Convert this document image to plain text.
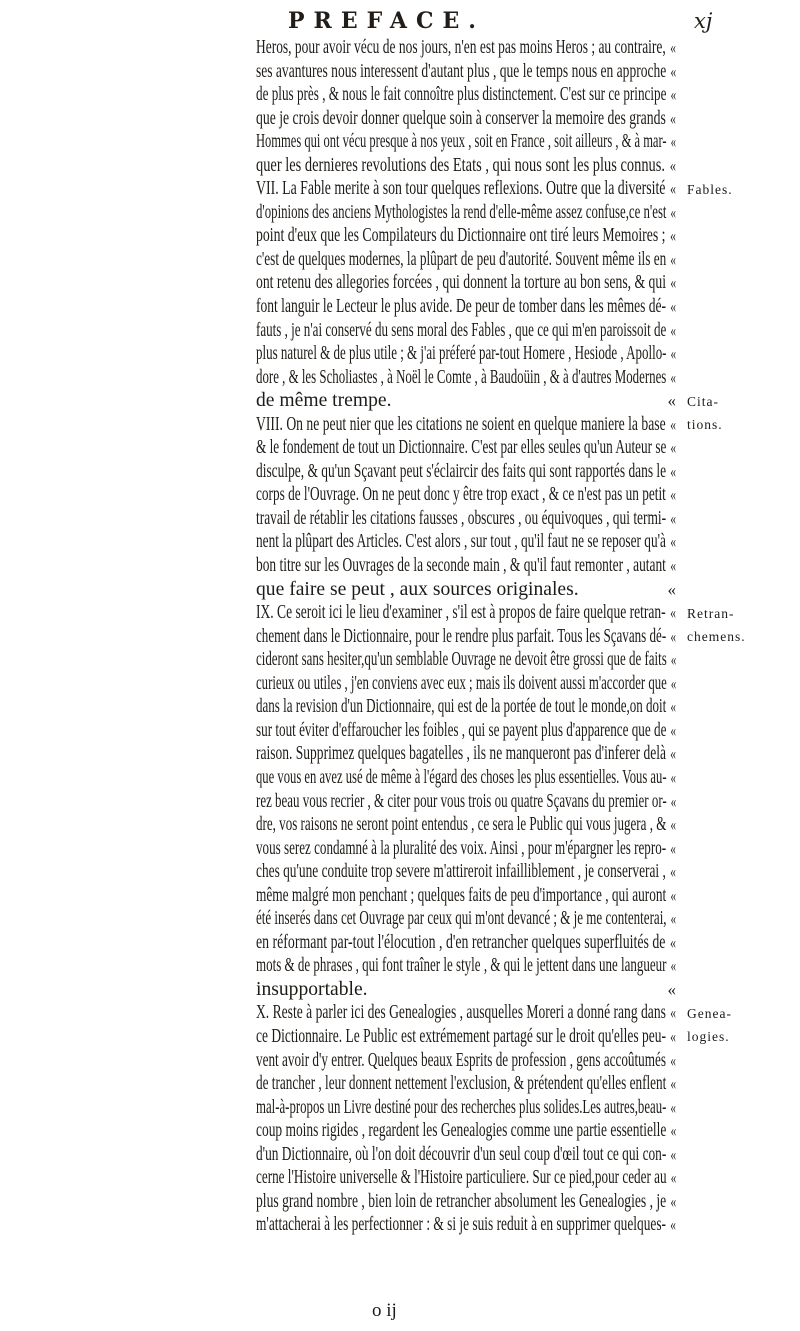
PREFACE.	xj
Heros, pour avoir vécu de nos jours, n'en est pas moins Heros ; au contraire, «
ses avantures nous interessent d'autant plus , que le temps nous en approche «
de plus près , & nous le fait connoître plus distinctement. C'est sur ce principe «
que je crois devoir donner quelque soin à conserver la memoire des grands «
Hommes qui ont vécu presque à nos yeux , soit en France , soit ailleurs , & à mar- «
quer les dernieres revolutions des Etats , qui nous sont les plus connus. «
VII. La Fable merite à son tour quelques reflexions. Outre que la diversité «
d'opinions des anciens Mythologistes la rend d'elle-même assez confuse,ce n'est «
point d'eux que les Compilateurs du Dictionnaire ont tiré leurs Memoires ; «
c'est de quelques modernes, la plûpart de peu d'autorité. Souvent même ils en «
ont retenu des allegories forcées , qui donnent la torture au bon sens, & qui «
font languir le Lecteur le plus avide. De peur de tomber dans les mêmes dé- «
fauts , je n'ai conservé du sens moral des Fables , que ce qui m'en paroissoit de «
plus naturel & de plus utile ; & j'ai préferé par-tout Homere , Hesiode , Apollo- «
dore , & les Scholiastes , à Noël le Comte , à Baudoüin , & à d'autres Modernes «
de même trempe.	«
VIII. On ne peut nier que les citations ne soient en quelque maniere la base «
& le fondement de tout un Dictionnaire. C'est par elles seules qu'un Auteur se «
disculpe, & qu'un Sçavant peut s'éclaircir des faits qui sont rapportés dans le «
corps de l'Ouvrage. On ne peut donc y être trop exact , & ce n'est pas un petit «
travail de rétablir les citations fausses , obscures , ou équivoques , qui termi- «
nent la plûpart des Articles. C'est alors , sur tout , qu'il faut ne se reposer qu'à «
bon titre sur les Ouvrages de la seconde main , & qu'il faut remonter , autant «
que faire se peut , aux sources originales.	«
IX. Ce seroit ici le lieu d'examiner , s'il est à propos de faire quelque retran- «
chement dans le Dictionnaire, pour le rendre plus parfait. Tous les Sçavans dé- «
cideront sans hesiter,qu'un semblable Ouvrage ne devoit être grossi que de faits «
curieux ou utiles , j'en conviens avec eux ; mais ils doivent aussi m'accorder que «
dans la revision d'un Dictionnaire, qui est de la portée de tout le monde,on doit «
sur tout éviter d'effaroucher les foibles , qui se payent plus d'apparence que de «
raison. Supprimez quelques bagatelles , ils ne manqueront pas d'inferer delà «
que vous en avez usé de même à l'égard des choses les plus essentielles. Vous au- «
rez beau vous recrier , & citer pour vous trois ou quatre Sçavans du premier or- «
dre, vos raisons ne seront point entendus , ce sera le Public qui vous jugera , & «
vous serez condamné à la pluralité des voix. Ainsi , pour m'épargner les repro- «
ches qu'une conduite trop severe m'attireroit infailliblement , je conserverai , «
même malgré mon penchant ; quelques faits de peu d'importance , qui auront «
été inserés dans cet Ouvrage par ceux qui m'ont devancé ; & je me contenterai, «
en réformant par-tout l'élocution , d'en retrancher quelques superfluités de «
mots & de phrases , qui font traîner le style , & qui le jettent dans une langueur «
insupportable.	«
X. Reste à parler ici des Genealogies , ausquelles Moreri a donné rang dans «
ce Dictionnaire. Le Public est extrémement partagé sur le droit qu'elles peu- «
vent avoir d'y entrer. Quelques beaux Esprits de profession , gens accoûtumés «
de trancher , leur donnent nettement l'exclusion, & prétendent qu'elles enflent «
mal-à-propos un Livre destiné pour des recherches plus solides.Les autres,beau- «
coup moins rigides , regardent les Genealogies comme une partie essentielle «
d'un Dictionnaire, où l'on doit découvrir d'un seul coup d'œil tout ce qui con- «
cerne l'Histoire universelle & l'Histoire particuliere. Sur ce pied,pour ceder au «
plus grand nombre , bien loin de retrancher absolument les Genealogies , je «
m'attacherai à les perfectionner : & si je suis reduit à en supprimer quelques- «
Fables.
Cita-
tions.
Retran-
chemens.
Genea-
logies.
o ij
